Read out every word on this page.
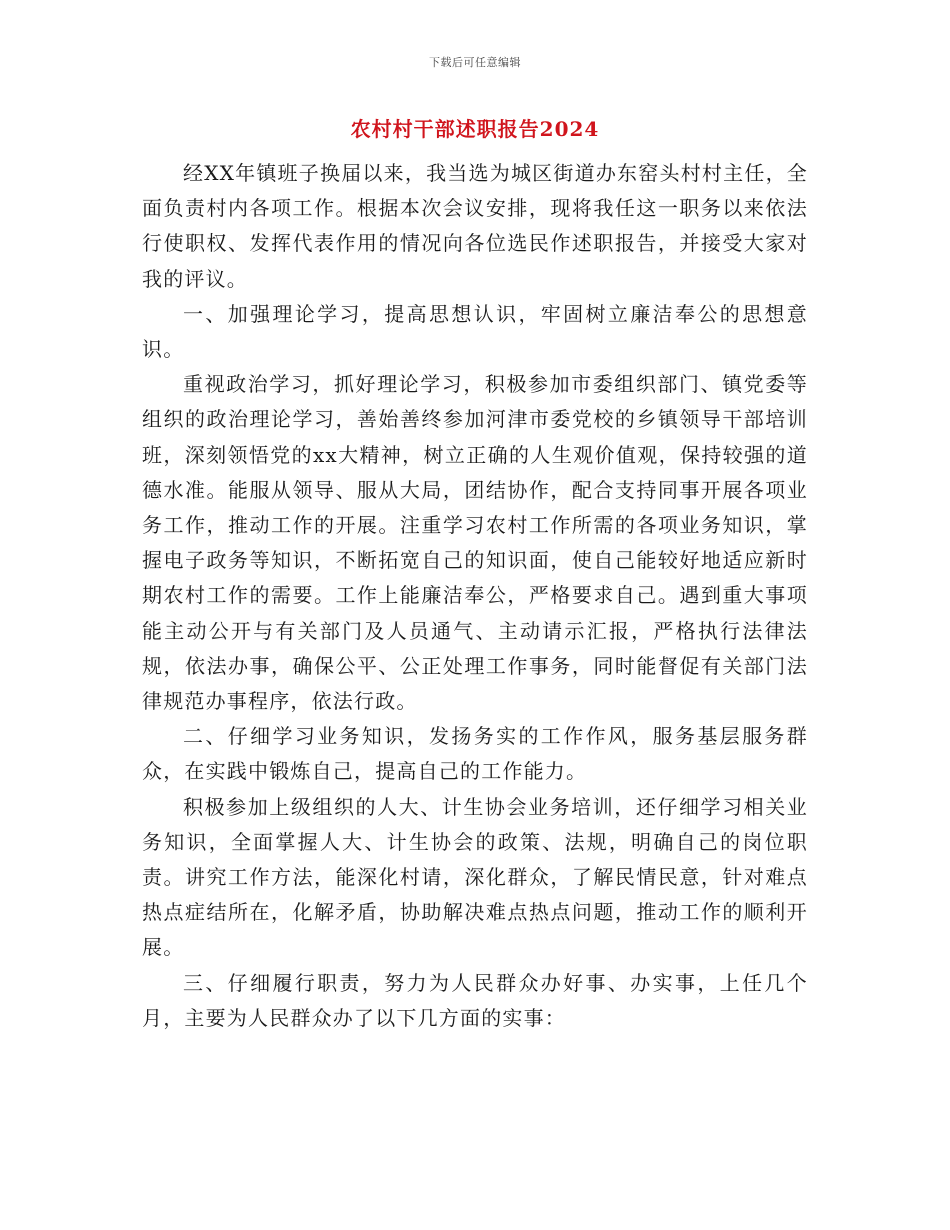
下载后可任意编辑
农村村干部述职报告2024

经XX年镇班子换届以来，我当选为城区街道办东窑头村村主任，全面负责村内各项工作。根据本次会议安排，现将我任这一职务以来依法行使职权、发挥代表作用的情况向各位选民作述职报告，并接受大家对我的评议。

一、加强理论学习，提高思想认识，牢固树立廉洁奉公的思想意识。

重视政治学习，抓好理论学习，积极参加市委组织部门、镇党委等组织的政治理论学习，善始善终参加河津市委党校的乡镇领导干部培训班，深刻领悟党的xx大精神，树立正确的人生观价值观，保持较强的道德水准。能服从领导、服从大局，团结协作，配合支持同事开展各项业务工作，推动工作的开展。注重学习农村工作所需的各项业务知识，掌握电子政务等知识，不断拓宽自己的知识面，使自己能较好地适应新时期农村工作的需要。工作上能廉洁奉公，严格要求自己。遇到重大事项能主动公开与有关部门及人员通气、主动请示汇报，严格执行法律法规，依法办事，确保公平、公正处理工作事务，同时能督促有关部门法律规范办事程序，依法行政。

二、仔细学习业务知识，发扬务实的工作作风，服务基层服务群众，在实践中锻炼自己，提高自己的工作能力。

积极参加上级组织的人大、计生协会业务培训，还仔细学习相关业务知识，全面掌握人大、计生协会的政策、法规，明确自己的岗位职责。讲究工作方法，能深化村请，深化群众，了解民情民意，针对难点热点症结所在，化解矛盾，协助解决难点热点问题，推动工作的顺利开展。

三、仔细履行职责，努力为人民群众办好事、办实事，上任几个月，主要为人民群众办了以下几方面的实事：
